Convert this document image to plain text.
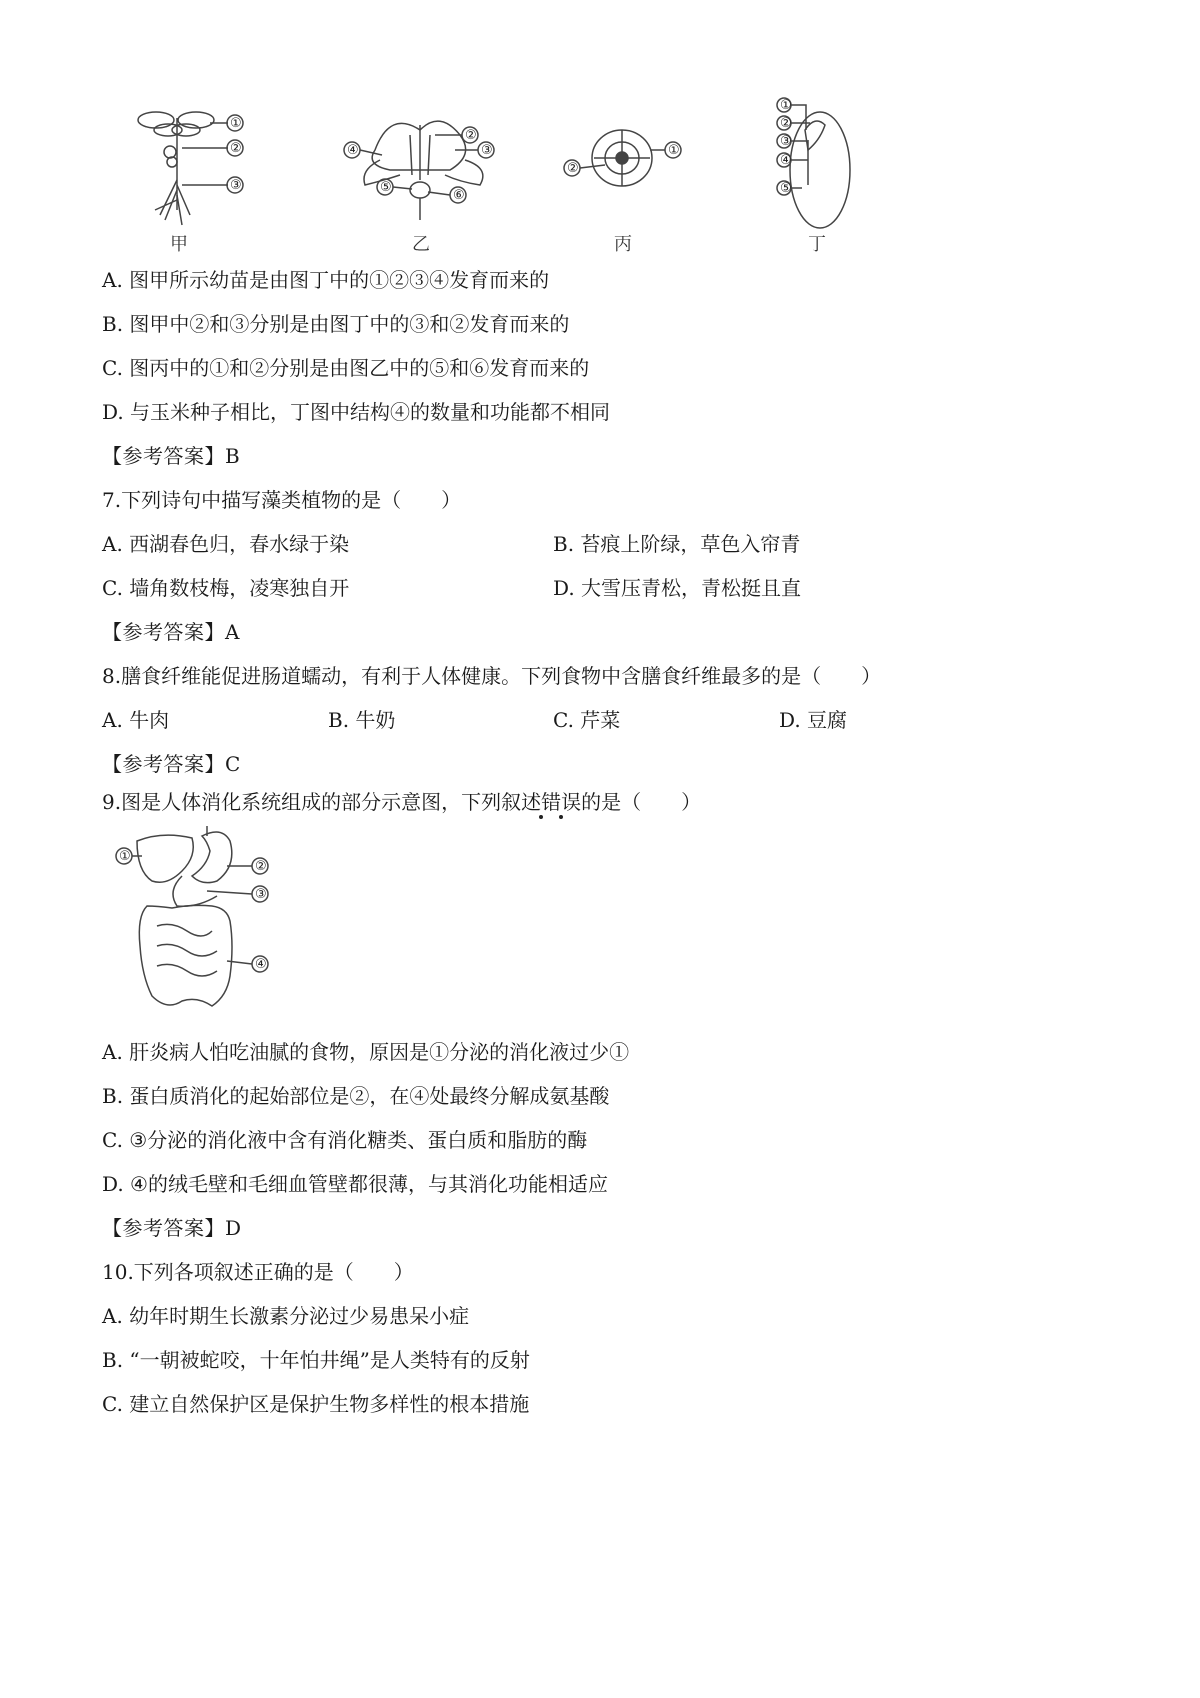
①
②
③
甲
④
②
③
⑤
⑥
乙
①
②
丙
①
②
③
④
⑤
丁
A. 图甲所示幼苗是由图丁中的①②③④发育而来的
B. 图甲中②和③分别是由图丁中的③和②发育而来的
C. 图丙中的①和②分别是由图乙中的⑤和⑥发育而来的
D. 与玉米种子相比，丁图中结构④的数量和功能都不相同
【参考答案】B
7.下列诗句中描写藻类植物的是（　　）
A. 西湖春色归，春水绿于染	B. 苔痕上阶绿，草色入帘青
C. 墙角数枝梅，凌寒独自开	D. 大雪压青松，青松挺且直
【参考答案】A
8.膳食纤维能促进肠道蠕动，有利于人体健康。下列食物中含膳食纤维最多的是（　　）
A. 牛肉	B. 牛奶	C. 芹菜	D. 豆腐
【参考答案】C
9.图是人体消化系统组成的部分示意图，下列叙述错误的是（　　）
①
②
③
④
A. 肝炎病人怕吃油腻的食物，原因是①分泌的消化液过少①
B. 蛋白质消化的起始部位是②，在④处最终分解成氨基酸
C. ③分泌的消化液中含有消化糖类、蛋白质和脂肪的酶
D. ④的绒毛壁和毛细血管壁都很薄，与其消化功能相适应
【参考答案】D
10.下列各项叙述正确的是（　　）
A. 幼年时期生长激素分泌过少易患呆小症
B. “一朝被蛇咬，十年怕井绳”是人类特有的反射
C. 建立自然保护区是保护生物多样性的根本措施
